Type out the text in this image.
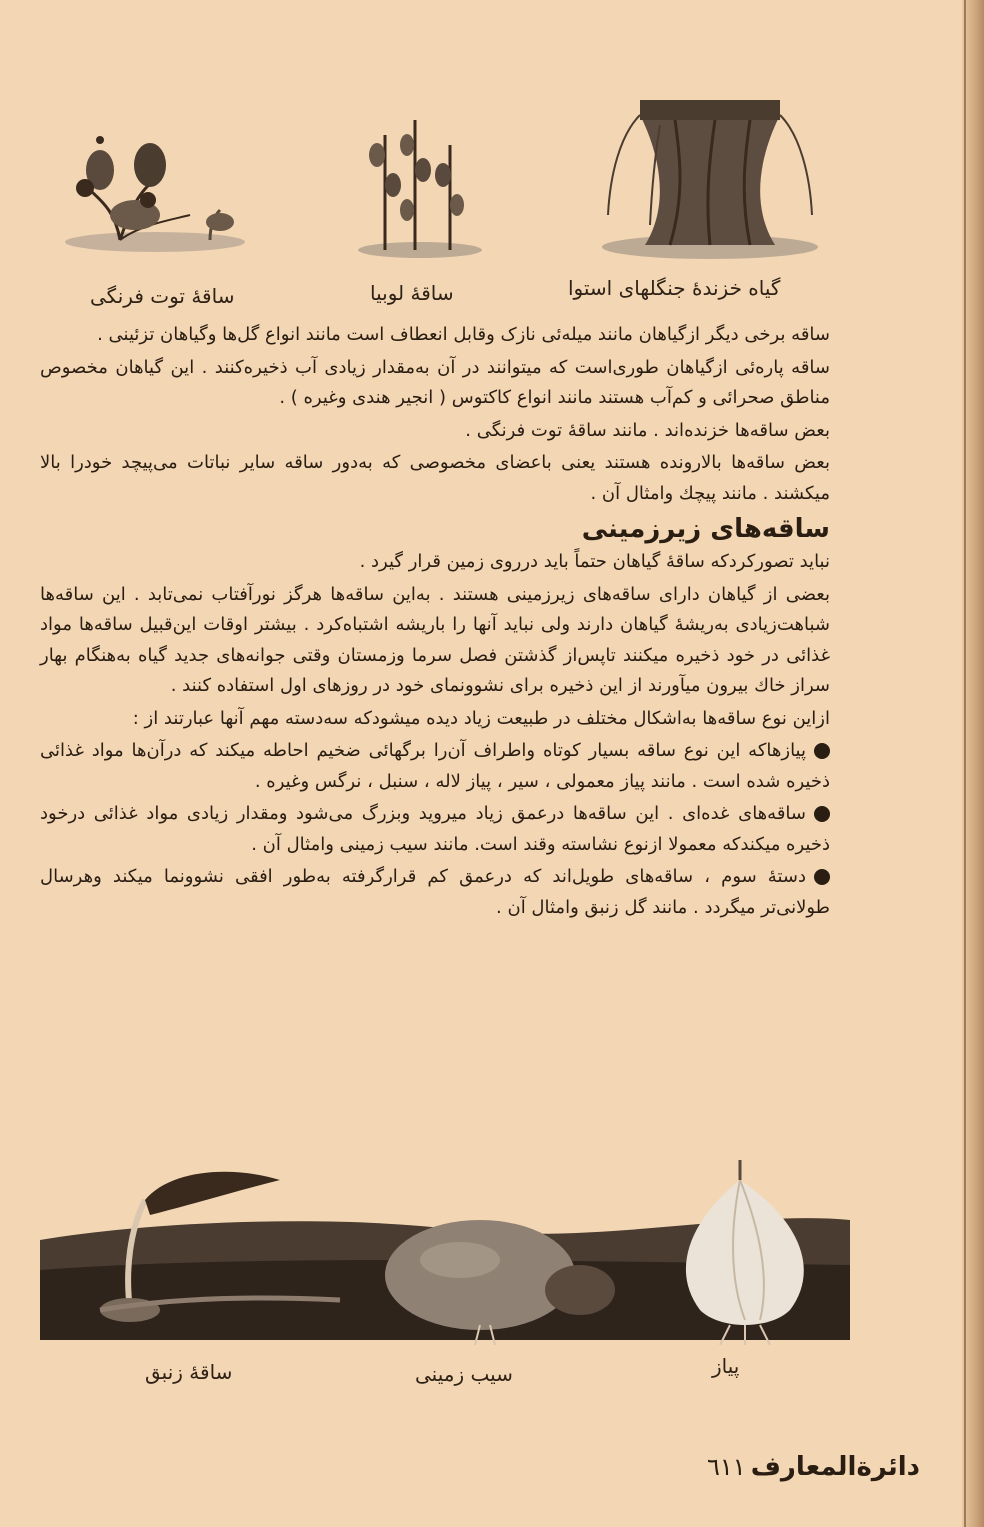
ساقهٔ توت فرنگی	ساقهٔ لوبیا	گیاه خزندهٔ جنگلهای استوا

ساقه برخی دیگر ازگیاهان مانند میله‌ئی نازک وقابل انعطاف است مانند انواع گل‌ها وگیاهان تزئینی .

ساقه پاره‌ئی ازگیاهان طوری‌است که میتوانند در آن به‌مقدار زیادی آب ذخیره‌کنند . این گیاهان مخصوص مناطق صحرائی و کم‌آب هستند مانند انواع کاکتوس ( انجیر هندی وغیره ) .

بعض ساقه‌ها خزنده‌اند . مانند ساقهٔ توت فرنگی .

بعض ساقه‌ها بالارونده هستند یعنی باعضای مخصوصی که به‌دور ساقه سایر نباتات می‌پیچد خودرا بالا میکشند . مانند پیچك وامثال آن .

ساقه‌های زیرزمینی

نباید تصورکردکه ساقهٔ گیاهان حتماً باید درروی زمین قرار گیرد .

بعضی از گیاهان دارای ساقه‌های زیرزمینی هستند . به‌این ساقه‌ها هرگز نورآفتاب نمی‌تابد . این ساقه‌ها شباهت‌زیادی به‌ریشهٔ گیاهان دارند ولی نباید آنها را باریشه اشتباه‌کرد . بیشتر اوقات این‌قبیل ساقه‌ها مواد غذائی در خود ذخیره میکنند تاپس‌از گذشتن فصل سرما وزمستان وقتی جوانه‌های جدید گیاه به‌هنگام بهار سراز خاك بیرون میآورند از این ذخیره برای نشوونمای خود در روزهای اول استفاده کنند .

ازاین نوع ساقه‌ها به‌اشکال مختلف در طبیعت زیاد دیده میشودکه سه‌دسته مهم آنها عبارتند از :

پیازهاکه این نوع ساقه بسیار کوتاه واطراف آن‌را برگهائی ضخیم احاطه میکند که درآن‌ها مواد غذائی ذخیره شده است . مانند پیاز معمولی ، سیر ، پیاز لاله ، سنبل ، نرگس وغیره .

ساقه‌های غده‌ای . این ساقه‌ها درعمق زیاد میروید وبزرگ می‌شود ومقدار زیادی مواد غذائی درخود ذخیره میکندکه معمولا ازنوع نشاسته وقند است. مانند سیب زمینی وامثال آن .

دستهٔ سوم ، ساقه‌های طویل‌اند که درعمق کم قرارگرفته به‌طور افقی نشوونما میکند وهرسال طولانی‌تر میگردد . مانند گل زنبق وامثال آن .

ساقهٔ زنبق	سیب زمینی	پیاز
دائرةالمعارف ٦١١
